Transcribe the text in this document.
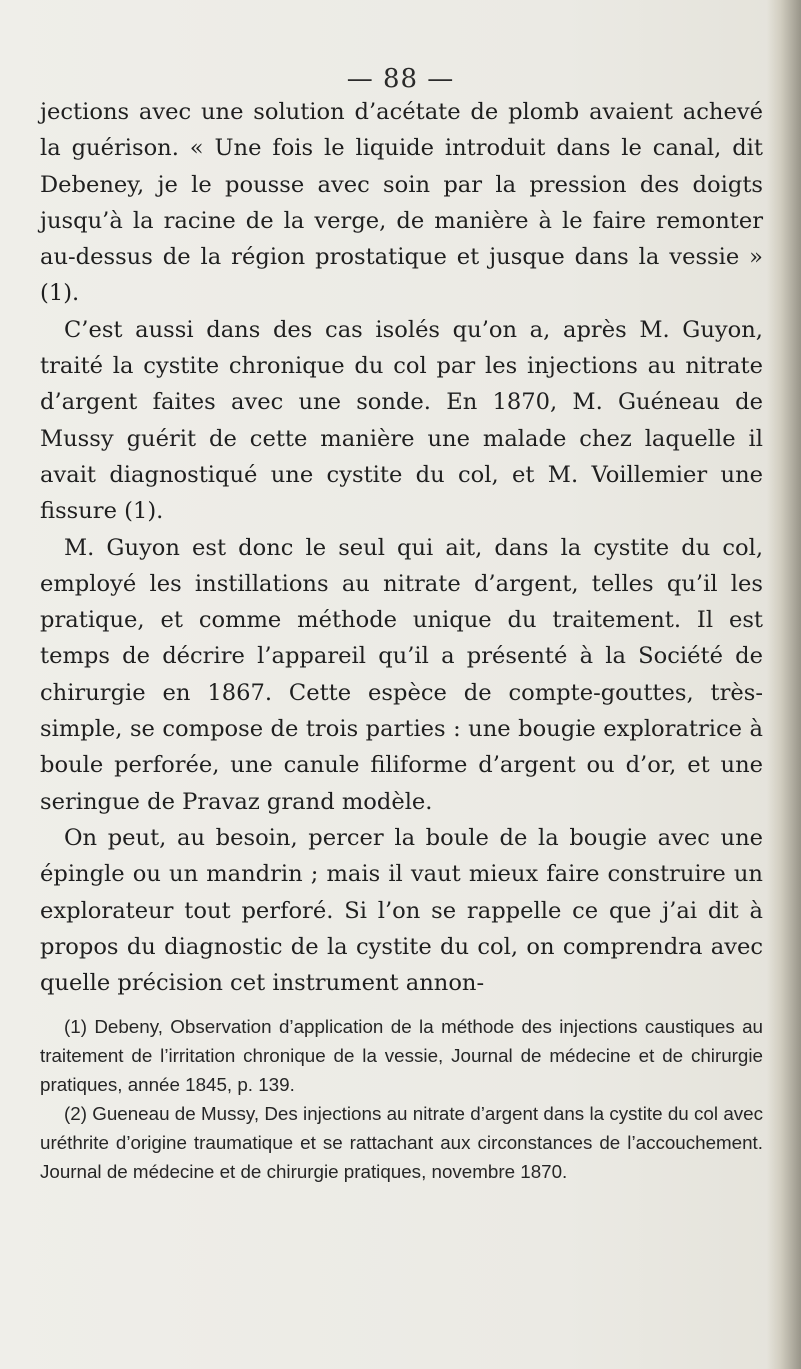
— 88 —

jections avec une solution d’acétate de plomb avaient achevé la guérison. « Une fois le liquide introduit dans le canal, dit Debeney, je le pousse avec soin par la pression des doigts jusqu’à la racine de la verge, de manière à le faire remonter au-dessus de la région prostatique et jusque dans la vessie » (1).

C’est aussi dans des cas isolés qu’on a, après M. Guyon, traité la cystite chronique du col par les injections au nitrate d’argent faites avec une sonde. En 1870, M. Guéneau de Mussy guérit de cette manière une malade chez laquelle il avait diagnostiqué une cystite du col, et M. Voillemier une fissure (1).

M. Guyon est donc le seul qui ait, dans la cystite du col, employé les instillations au nitrate d’argent, telles qu’il les pratique, et comme méthode unique du traitement. Il est temps de décrire l’appareil qu’il a présenté à la Société de chirurgie en 1867. Cette espèce de compte-gouttes, très-simple, se compose de trois parties : une bougie exploratrice à boule perforée, une canule filiforme d’argent ou d’or, et une seringue de Pravaz grand modèle.

On peut, au besoin, percer la boule de la bougie avec une épingle ou un mandrin ; mais il vaut mieux faire construire un explorateur tout perforé. Si l’on se rappelle ce que j’ai dit à propos du diagnostic de la cystite du col, on comprendra avec quelle précision cet instrument annon-

(1) Debeny, Observation d’application de la méthode des injections caustiques au traitement de l’irritation chronique de la vessie, Journal de médecine et de chirurgie pratiques, année 1845, p. 139.

(2) Gueneau de Mussy, Des injections au nitrate d’argent dans la cystite du col avec uréthrite d’origine traumatique et se rattachant aux circonstances de l’accouchement. Journal de médecine et de chirurgie pratiques, novembre 1870.
